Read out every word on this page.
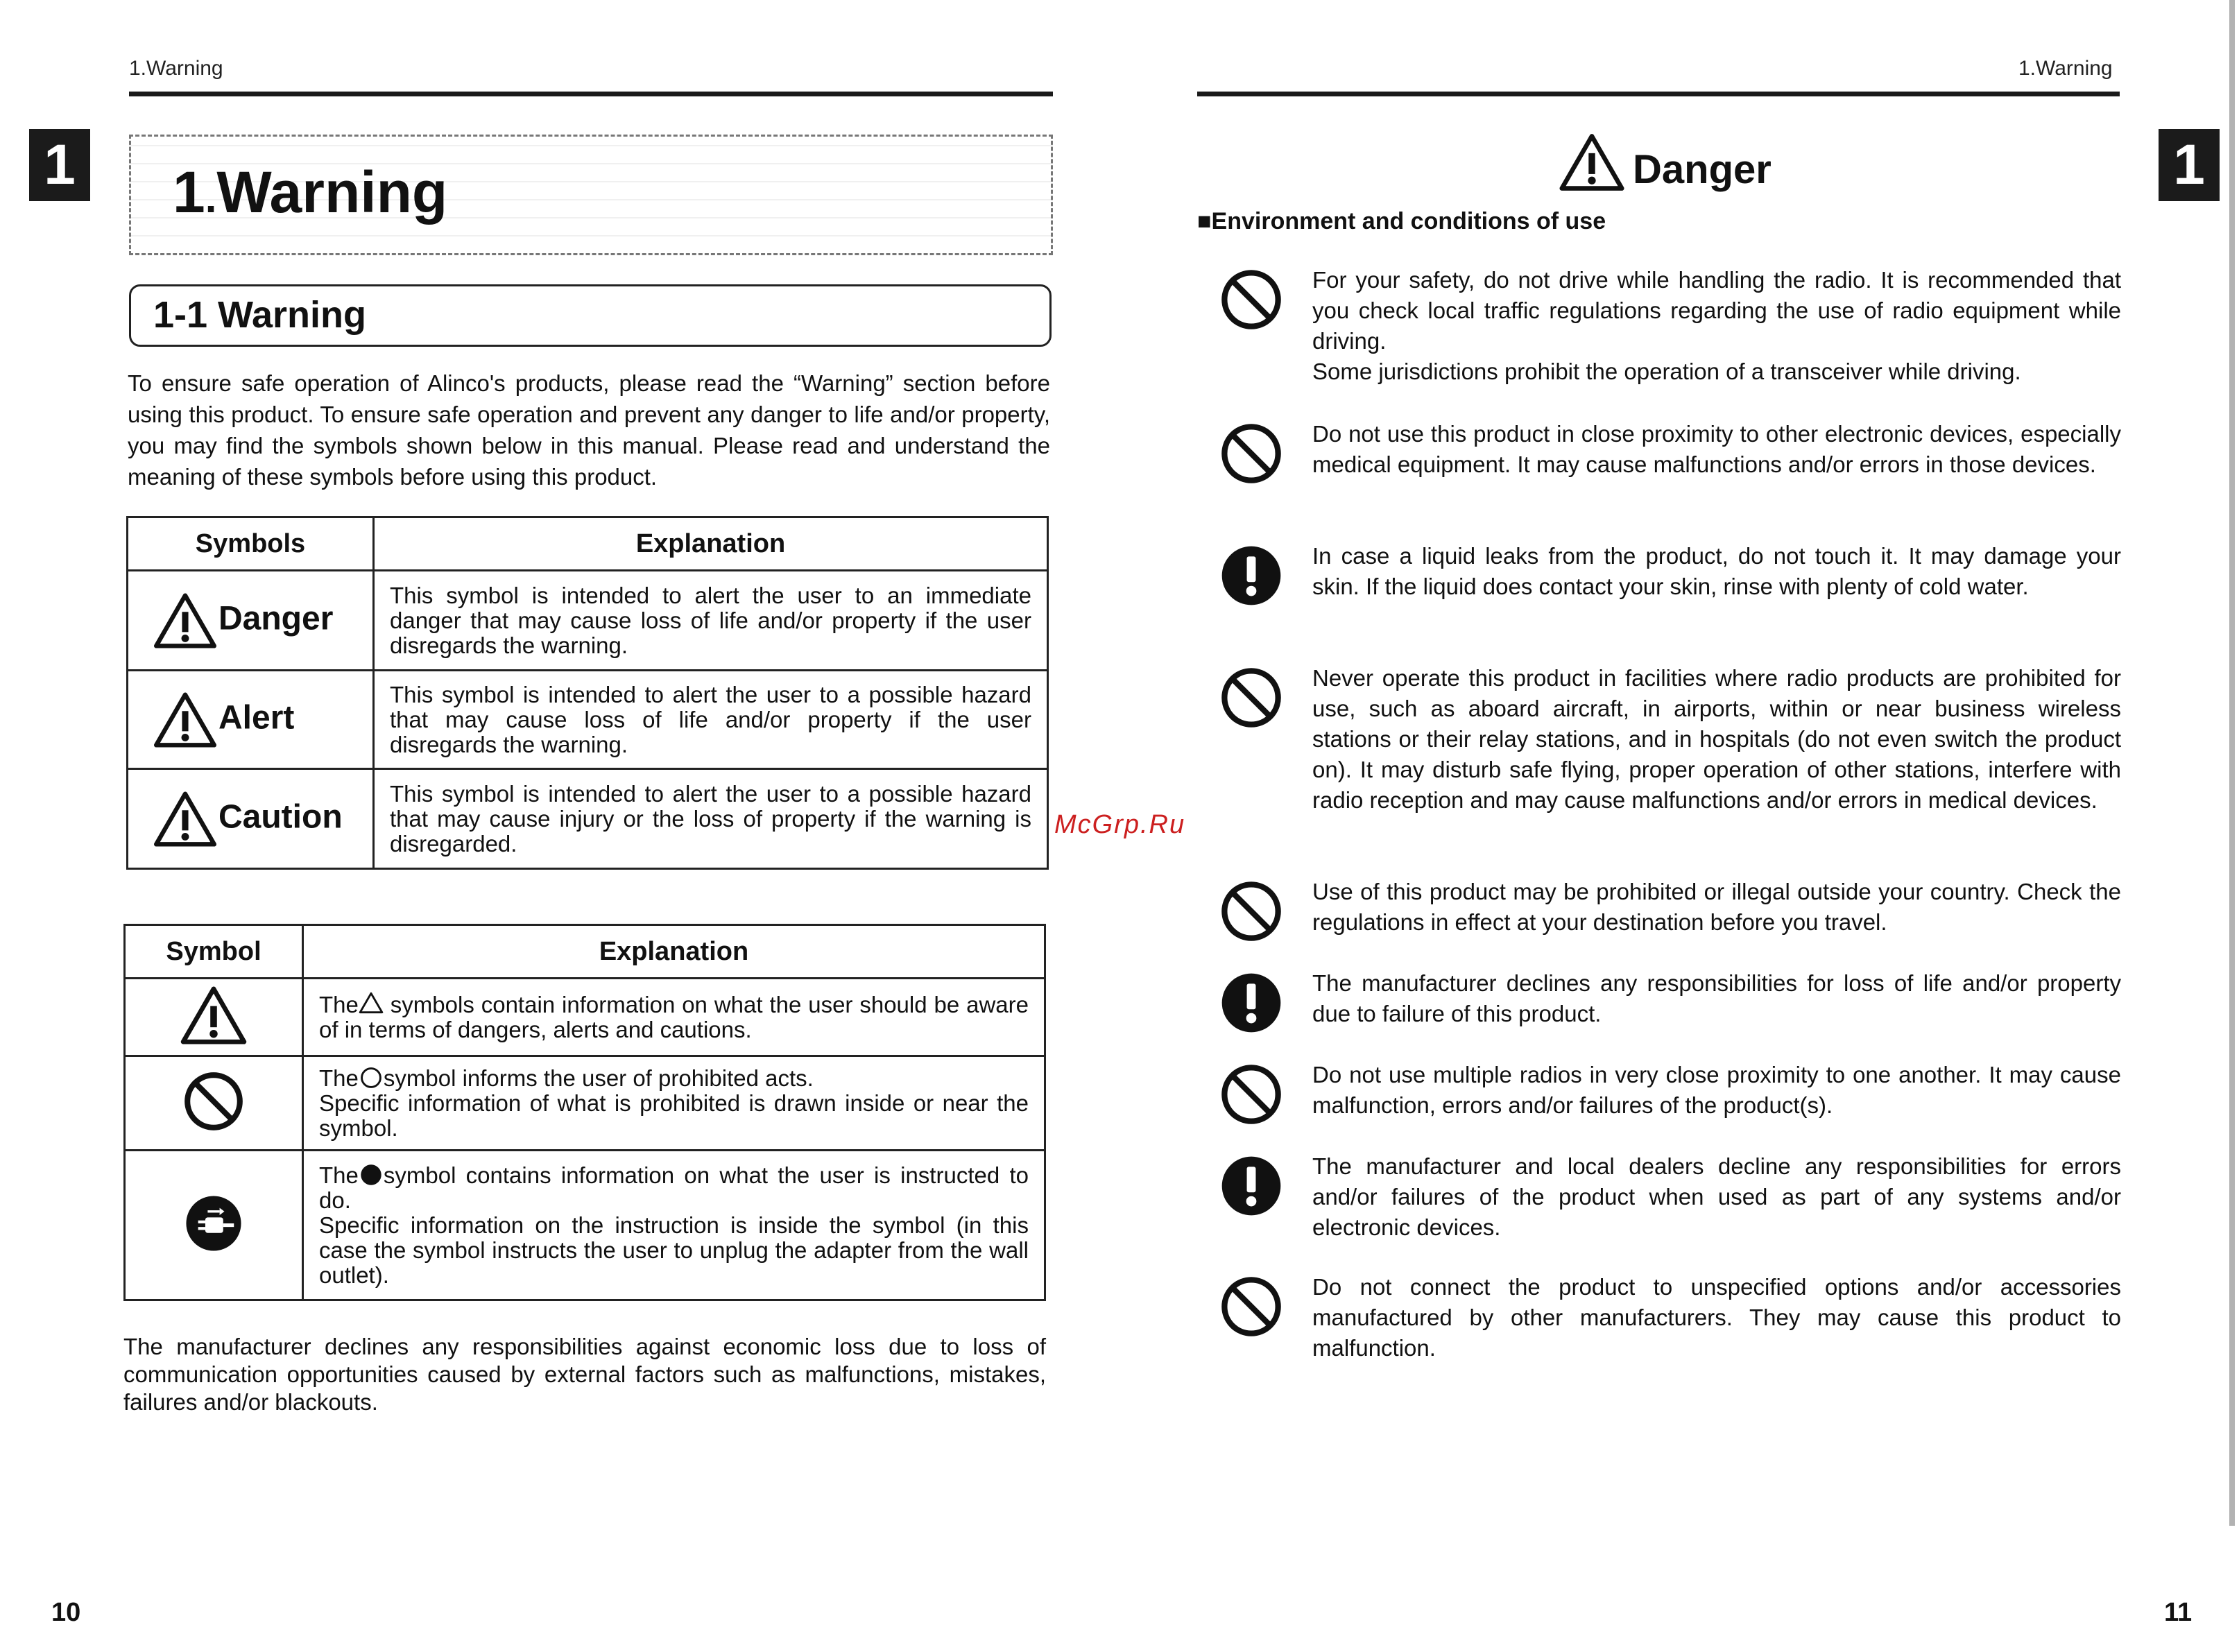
1.Warning
1 1.Warning
1-1 Warning
To ensure safe operation of Alinco's products, please read the “Warning” section before using this product. To ensure safe operation and prevent any danger to life and/or property, you may find the symbols shown below in this manual. Please read and understand the meaning of these symbols before using this product.
Symbols	Explanation
Danger	This symbol is intended to alert the user to an immediate danger that may cause loss of life and/or property if the user disregards the warning.
Alert	This symbol is intended to alert the user to a possible hazard that may cause loss of life and/or property if the user disregards the warning.
Caution	This symbol is intended to alert the user to a possible hazard that may cause injury or the loss of property if the warning is disregarded.
Symbol	Explanation
	The symbols contain information on what the user should be aware of in terms of dangers, alerts and cautions.
	The symbol informs the user of prohibited acts.
Specific information of what is prohibited is drawn inside or near the symbol.
	The symbol contains information on what the user is instructed to do.
Specific information on the instruction is inside the symbol (in this case the symbol instructs the user to unplug the adapter from the wall outlet).
The manufacturer declines any responsibilities against economic loss due to loss of communication opportunities caused by external factors such as malfunctions, mistakes, failures and/or blackouts.
10
McGrp.Ru
1.Warning
1
Danger
■Environment and conditions of use
For your safety, do not drive while handling the radio. It is recommended that you check local traffic regulations regarding the use of radio equipment while driving.
Some jurisdictions prohibit the operation of a transceiver while driving.
Do not use this product in close proximity to other electronic devices, especially medical equipment. It may cause malfunctions and/or errors in those devices.
In case a liquid leaks from the product, do not touch it. It may damage your skin. If the liquid does contact your skin, rinse with plenty of cold water.
Never operate this product in facilities where radio products are prohibited for use, such as aboard aircraft, in airports, within or near business wireless stations or their relay stations, and in hospitals (do not even switch the product on). It may disturb safe flying, proper operation of other stations, interfere with radio reception and may cause malfunctions and/or errors in medical devices.
Use of this product may be prohibited or illegal outside your country. Check the regulations in effect at your destination before you travel.
The manufacturer declines any responsibilities for loss of life and/or property due to failure of this product.
Do not use multiple radios in very close proximity to one another. It may cause malfunction, errors and/or failures of the product(s).
The manufacturer and local dealers decline any responsibilities for errors and/or failures of the product when used as part of any systems and/or electronic devices.
Do not connect the product to unspecified options and/or accessories manufactured by other manufacturers. They may cause this product to malfunction.
11
